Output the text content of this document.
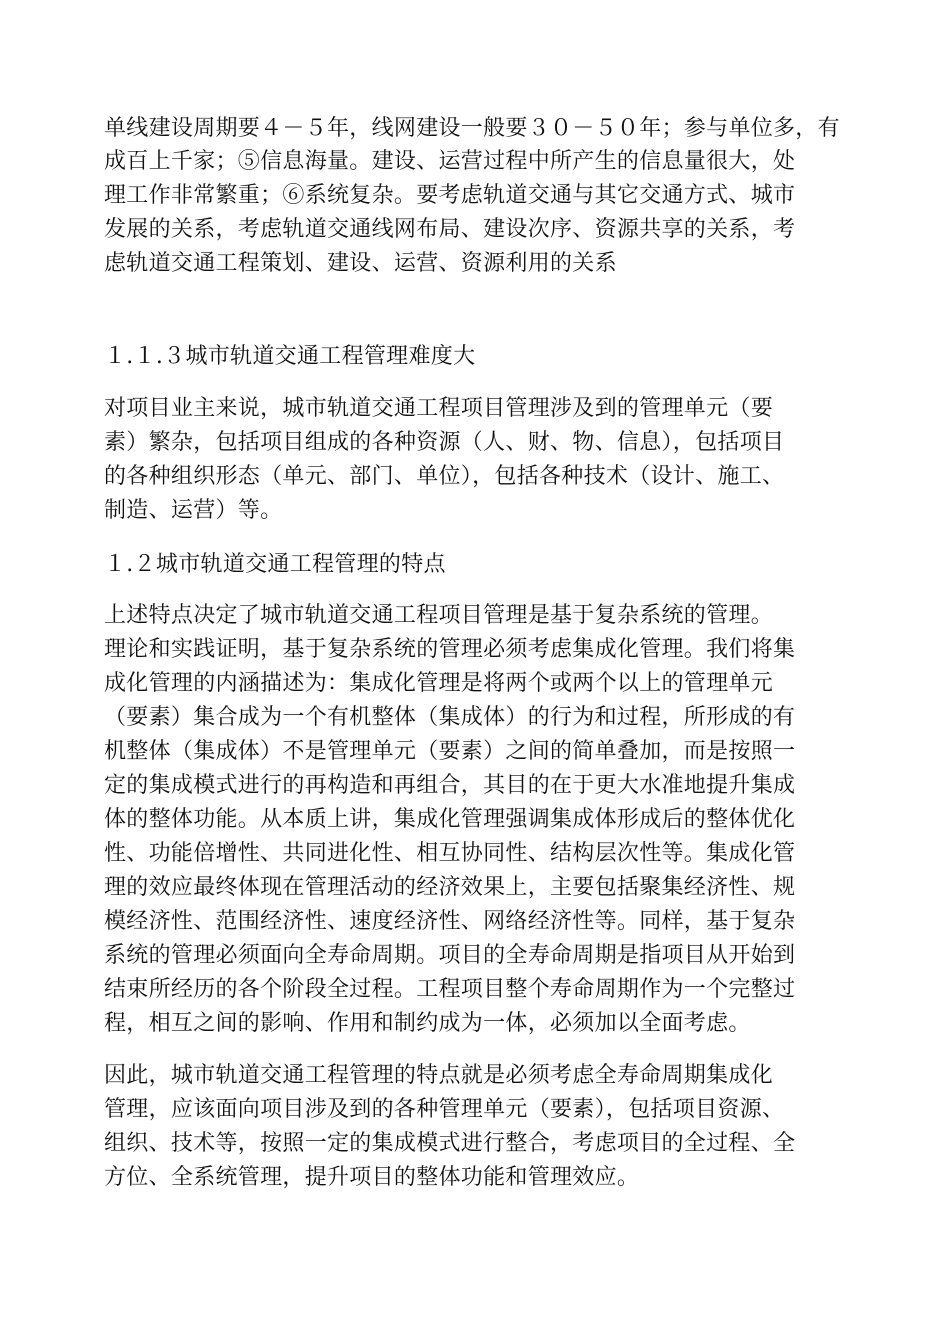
单线建设周期要４－５年，线网建设一般要３０－５０年；参与单位多，有
成百上千家；⑤信息海量。建设、运营过程中所产生的信息量很大，处
理工作非常繁重；⑥系统复杂。要考虑轨道交通与其它交通方式、城市
发展的关系，考虑轨道交通线网布局、建设次序、资源共享的关系，考
虑轨道交通工程策划、建设、运营、资源利用的关系
１.１.３城市轨道交通工程管理难度大
对项目业主来说，城市轨道交通工程项目管理涉及到的管理单元（要
素）繁杂，包括项目组成的各种资源（人、财、物、信息），包括项目
的各种组织形态（单元、部门、单位），包括各种技术（设计、施工、
制造、运营）等。
１.２城市轨道交通工程管理的特点
上述特点决定了城市轨道交通工程项目管理是基于复杂系统的管理。
理论和实践证明，基于复杂系统的管理必须考虑集成化管理。我们将集
成化管理的内涵描述为：集成化管理是将两个或两个以上的管理单元
（要素）集合成为一个有机整体（集成体）的行为和过程，所形成的有
机整体（集成体）不是管理单元（要素）之间的简单叠加，而是按照一
定的集成模式进行的再构造和再组合，其目的在于更大水准地提升集成
体的整体功能。从本质上讲，集成化管理强调集成体形成后的整体优化
性、功能倍增性、共同进化性、相互协同性、结构层次性等。集成化管
理的效应最终体现在管理活动的经济效果上，主要包括聚集经济性、规
模经济性、范围经济性、速度经济性、网络经济性等。同样，基于复杂
系统的管理必须面向全寿命周期。项目的全寿命周期是指项目从开始到
结束所经历的各个阶段全过程。工程项目整个寿命周期作为一个完整过
程，相互之间的影响、作用和制约成为一体，必须加以全面考虑。
因此，城市轨道交通工程管理的特点就是必须考虑全寿命周期集成化
管理，应该面向项目涉及到的各种管理单元（要素），包括项目资源、
组织、技术等，按照一定的集成模式进行整合，考虑项目的全过程、全
方位、全系统管理，提升项目的整体功能和管理效应。
